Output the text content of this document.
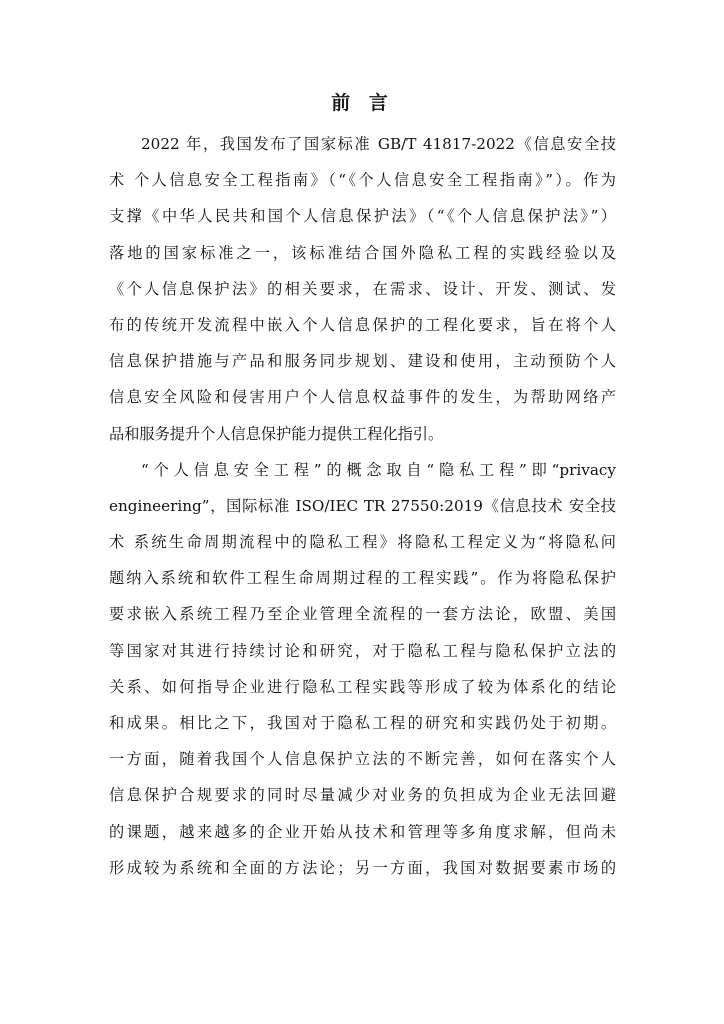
前 言
2022 年，我国发布了国家标准 GB/T 41817-2022《信息安全技
术 个人信息安全工程指南》（“《个人信息安全工程指南》”）。作为
支撑《中华人民共和国个人信息保护法》（“《个人信息保护法》”）
落地的国家标准之一，该标准结合国外隐私工程的实践经验以及
《个人信息保护法》的相关要求，在需求、设计、开发、测试、发
布的传统开发流程中嵌入个人信息保护的工程化要求，旨在将个人
信息保护措施与产品和服务同步规划、建设和使用，主动预防个人
信息安全风险和侵害用户个人信息权益事件的发生，为帮助网络产
品和服务提升个人信息保护能力提供工程化指引。
“个人信息安全工程”的概念取自“隐私工程”即“privacy
engineering”，国际标准 ISO/IEC TR 27550:2019《信息技术 安全技
术 系统生命周期流程中的隐私工程》将隐私工程定义为“将隐私问
题纳入系统和软件工程生命周期过程的工程实践”。作为将隐私保护
要求嵌入系统工程乃至企业管理全流程的一套方法论，欧盟、美国
等国家对其进行持续讨论和研究，对于隐私工程与隐私保护立法的
关系、如何指导企业进行隐私工程实践等形成了较为体系化的结论
和成果。相比之下，我国对于隐私工程的研究和实践仍处于初期。
一方面，随着我国个人信息保护立法的不断完善，如何在落实个人
信息保护合规要求的同时尽量减少对业务的负担成为企业无法回避
的课题，越来越多的企业开始从技术和管理等多角度求解，但尚未
形成较为系统和全面的方法论；另一方面，我国对数据要素市场的
